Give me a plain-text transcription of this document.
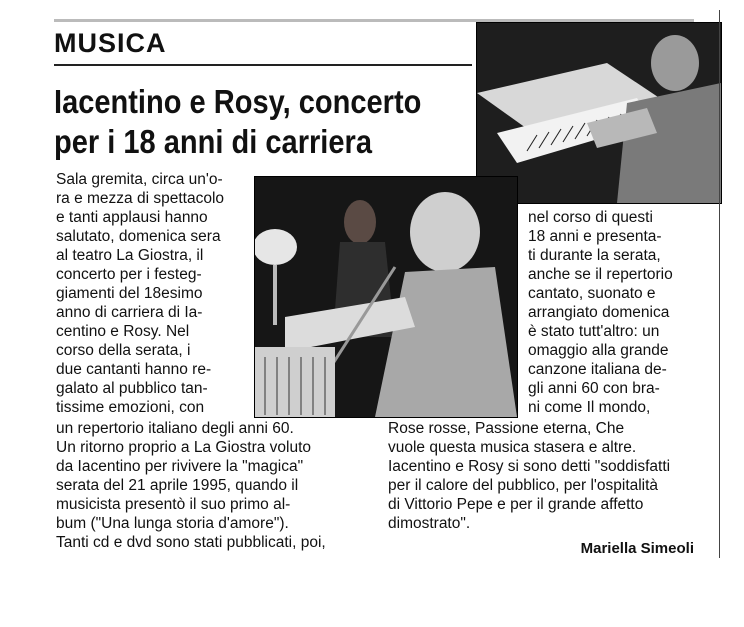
MUSICA
Iacentino e Rosy, concerto
per i 18 anni di carriera
Sala gremita, circa un'o-
ra e mezza di spettacolo
e tanti applausi hanno
salutato, domenica sera
al teatro La Giostra, il
concerto per i festeg-
giamenti del 18esimo
anno di carriera di Ia-
centino e Rosy. Nel
corso della serata, i
due cantanti hanno re-
galato al pubblico tan-
tissime emozioni, con
nel corso di questi
18 anni e presenta-
ti durante la serata,
anche se il repertorio
cantato, suonato e
arrangiato domenica
è stato tutt'altro: un
omaggio alla grande
canzone italiana de-
gli anni 60 con bra-
ni come Il mondo,
un repertorio italiano degli anni 60.
Un ritorno proprio a La Giostra voluto
da Iacentino per rivivere la "magica"
serata del 21 aprile 1995, quando il
musicista presentò il suo primo al-
bum ("Una lunga storia d'amore").
Tanti cd e dvd sono stati pubblicati, poi,
Rose rosse, Passione eterna, Che
vuole questa musica stasera e altre.
Iacentino e Rosy si sono detti "soddisfatti
per il calore del pubblico, per l'ospitalità
di Vittorio Pepe e per il grande affetto
dimostrato".
Mariella Simeoli
